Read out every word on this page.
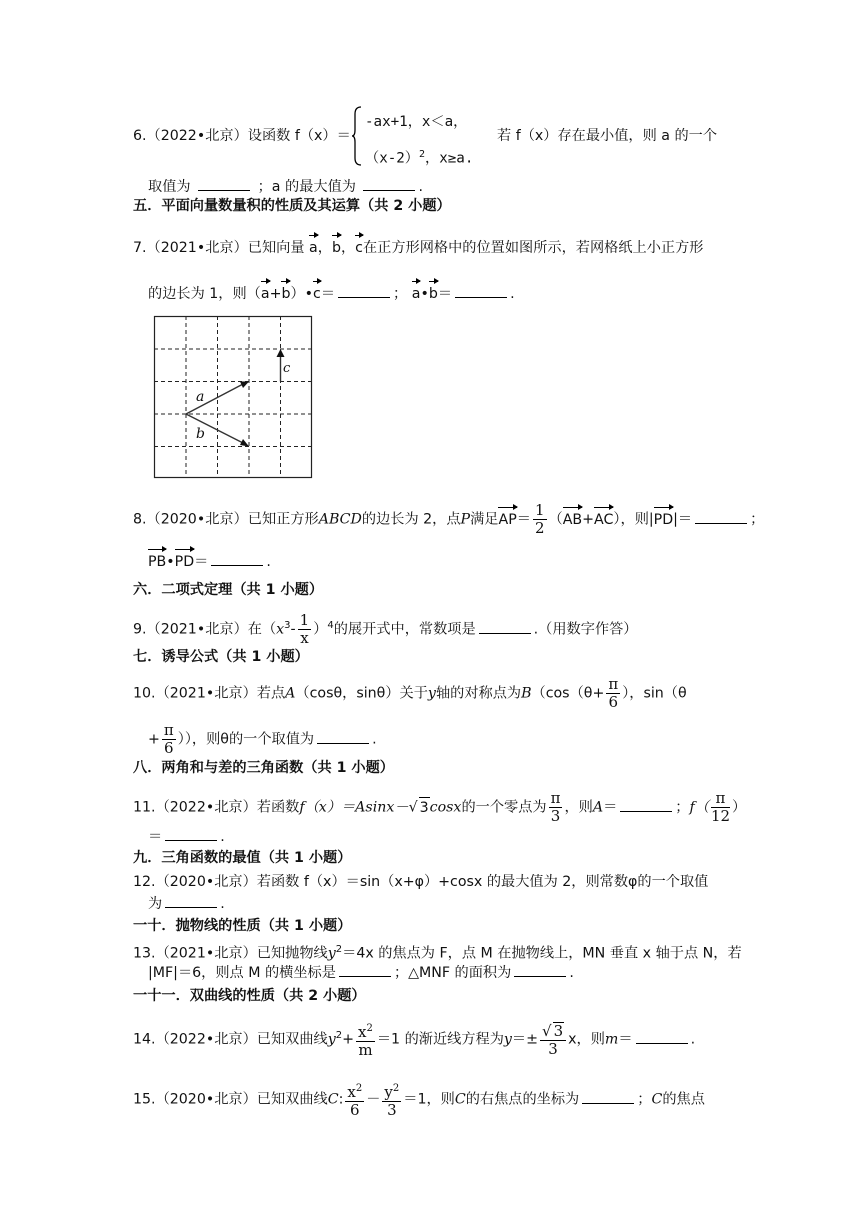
6.（2022•北京）设函数 f（x）＝
-ax+1，x＜a，
$(x-2)^2$，x≥a.
若 f（x）存在最小值，则 a 的一个
取值为	；a 的最大值为	.
五．平面向量数量积的性质及其运算（共 2 小题）
7.（2021•北京）已知向量 a，b，c在正方形网格中的位置如图所示，若网格纸上小正方形
的边长为 1，则（a+b）•c＝	； a•b＝	.
a
b
c
8.（2020•北京）已知正方形ABCD的边长为 2，点P满足$AP= \frac{1}{2} (AB+AC)$，则|PD|＝	；
PB•PD＝	.
六．二项式定理（共 1 小题）
9.（2021•北京）在$(x^3- \frac{1}{x} )^4$的展开式中，常数项是	.（用数字作答）
七．诱导公式（共 1 小题）
10.（2021•北京）若点A（cosθ，sinθ）关于y轴的对称点为$B(\cos(\theta+ \frac{\pi}{6}$ ），sin（θ
+ $\frac{\pi}{6}$ ）），则θ的一个取值为	.
八．两角和与差的三角函数（共 1 小题）
11.（2022•北京）若函数f（x）＝Asinx－√ 3cosx的一个零点为 $\frac{\pi}{3}$ ，则A＝	；$f( \frac{\pi}{12}$ ）
＝	.
九．三角函数的最值（共 1 小题）
12.（2020•北京）若函数 f（x）＝sin（x+φ）+cosx 的最大值为 2，则常数φ的一个取值
为	.
一十．抛物线的性质（共 1 小题）
13.（2021•北京）已知抛物线$y^2=4x$ 的焦点为 F，点 M 在抛物线上，MN 垂直 x 轴于点 N，若
|MF|＝6，则点 M 的横坐标是	；△MNF 的面积为	.
一十一．双曲线的性质（共 2 小题）
14.（2022•北京）已知双曲线$y^2+ \frac{x^2}{m} =1$ 的渐近线方程为$y=\pm \frac{√ 3}{3}$ x，则m＝	.
15.（2020•北京）已知双曲线C: $\frac{x^2}{6} - \frac{y^2}{3} =1$，则C的右焦点的坐标为	；C的焦点
